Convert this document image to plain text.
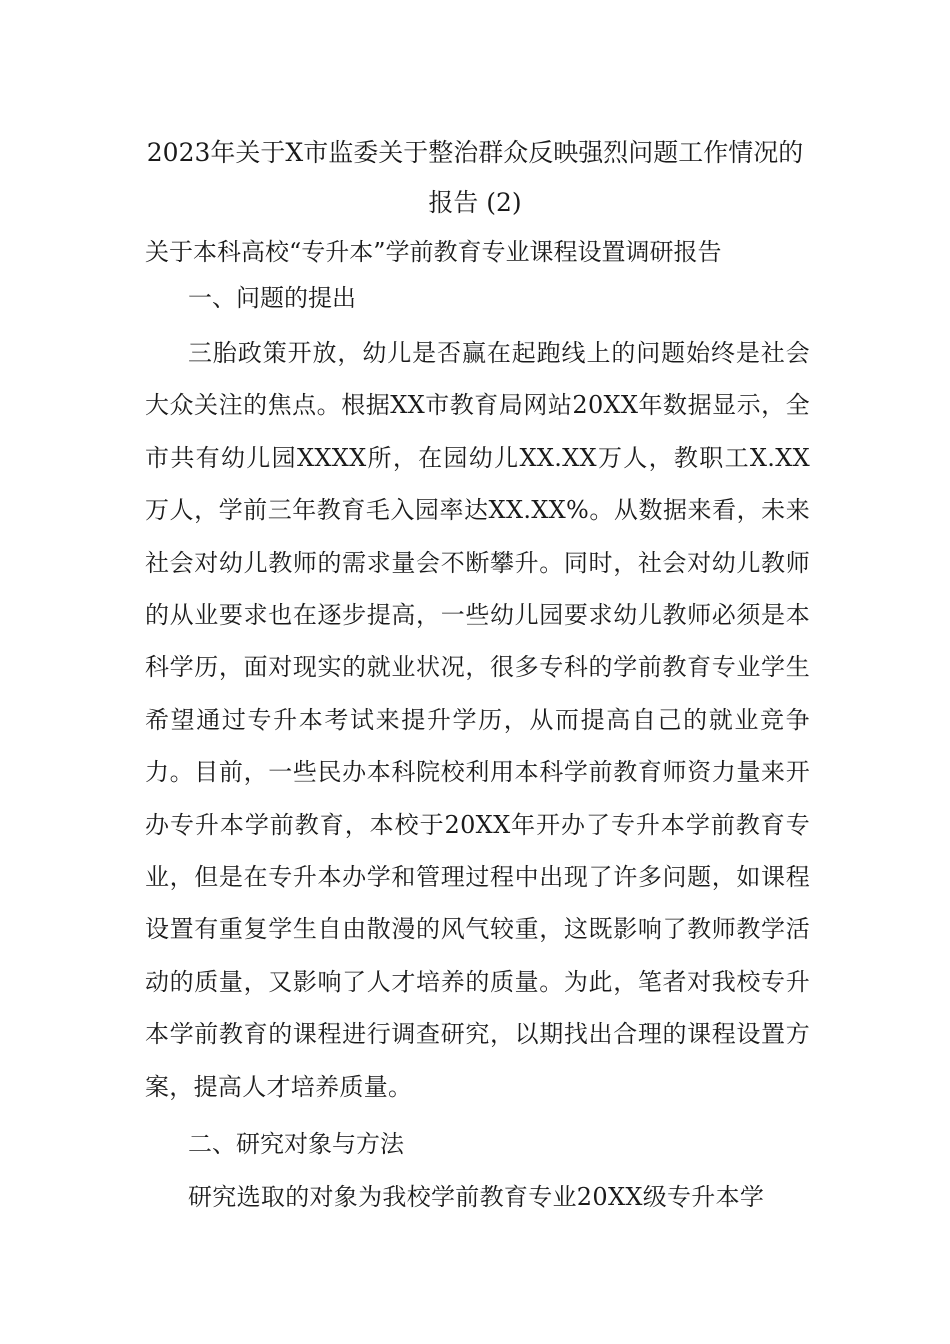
2023年关于X市监委关于整治群众反映强烈问题工作情况的报告 (2)

关于本科高校“专升本”学前教育专业课程设置调研报告

一、问题的提出

三胎政策开放，幼儿是否赢在起跑线上的问题始终是社会大众关注的焦点。根据XX市教育局网站20XX年数据显示，全市共有幼儿园XXXX所，在园幼儿XX.XX万人，教职工X.XX万人，学前三年教育毛入园率达XX.XX%。从数据来看，未来社会对幼儿教师的需求量会不断攀升。同时，社会对幼儿教师的从业要求也在逐步提高，一些幼儿园要求幼儿教师必须是本科学历，面对现实的就业状况，很多专科的学前教育专业学生希望通过专升本考试来提升学历，从而提高自己的就业竞争力。目前，一些民办本科院校利用本科学前教育师资力量来开办专升本学前教育，本校于20XX年开办了专升本学前教育专业，但是在专升本办学和管理过程中出现了许多问题，如课程设置有重复学生自由散漫的风气较重，这既影响了教师教学活动的质量，又影响了人才培养的质量。为此，笔者对我校专升本学前教育的课程进行调查研究，以期找出合理的课程设置方案，提高人才培养质量。

二、研究对象与方法

研究选取的对象为我校学前教育专业20XX级专升本学
